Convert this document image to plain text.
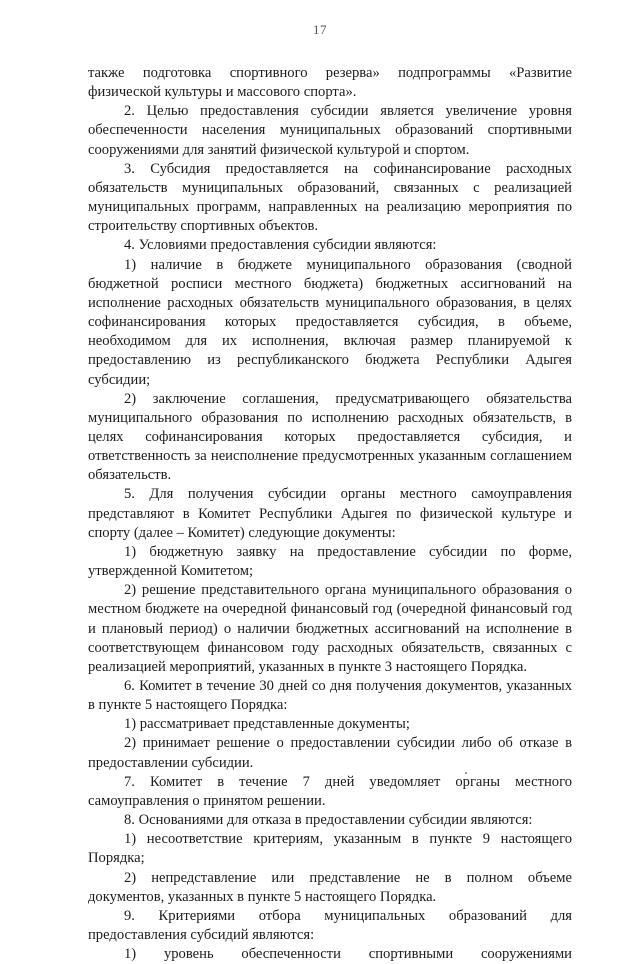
17

также подготовка спортивного резерва» подпрограммы «Развитие физической культуры и массового спорта».

2. Целью предоставления субсидии является увеличение уровня обеспеченности населения муниципальных образований спортивными сооружениями для занятий физической культурой и спортом.

3. Субсидия предоставляется на софинансирование расходных обязательств муниципальных образований, связанных с реализацией муниципальных программ, направленных на реализацию мероприятия по строительству спортивных объектов.

4. Условиями предоставления субсидии являются:

1) наличие в бюджете муниципального образования (сводной бюджетной росписи местного бюджета) бюджетных ассигнований на исполнение расходных обязательств муниципального образования, в целях софинансирования которых предоставляется субсидия, в объеме, необходимом для их исполнения, включая размер планируемой к предоставлению из республиканского бюджета Республики Адыгея субсидии;

2) заключение соглашения, предусматривающего обязательства муниципального образования по исполнению расходных обязательств, в целях софинансирования которых предоставляется субсидия, и ответственность за неисполнение предусмотренных указанным соглашением обязательств.

5. Для получения субсидии органы местного самоуправления представляют в Комитет Республики Адыгея по физической культуре и спорту (далее – Комитет) следующие документы:

1) бюджетную заявку на предоставление субсидии по форме, утвержденной Комитетом;

2) решение представительного органа муниципального образования о местном бюджете на очередной финансовый год (очередной финансовый год и плановый период) о наличии бюджетных ассигнований на исполнение в соответствующем финансовом году расходных обязательств, связанных с реализацией мероприятий, указанных в пункте 3 настоящего Порядка.

6. Комитет в течение 30 дней со дня получения документов, указанных в пункте 5 настоящего Порядка:

1) рассматривает представленные документы;

2) принимает решение о предоставлении субсидии либо об отказе в предоставлении субсидии.

7. Комитет в течение 7 дней уведомляет органы местного самоуправления о принятом решении.

8. Основаниями для отказа в предоставлении субсидии являются:

1) несоответствие критериям, указанным в пункте 9 настоящего Порядка;

2) непредставление или представление не в полном объеме документов, указанных в пункте 5 настоящего Порядка.

9. Критериями отбора муниципальных образований для предоставления субсидий являются:

1) уровень обеспеченности спортивными сооружениями
